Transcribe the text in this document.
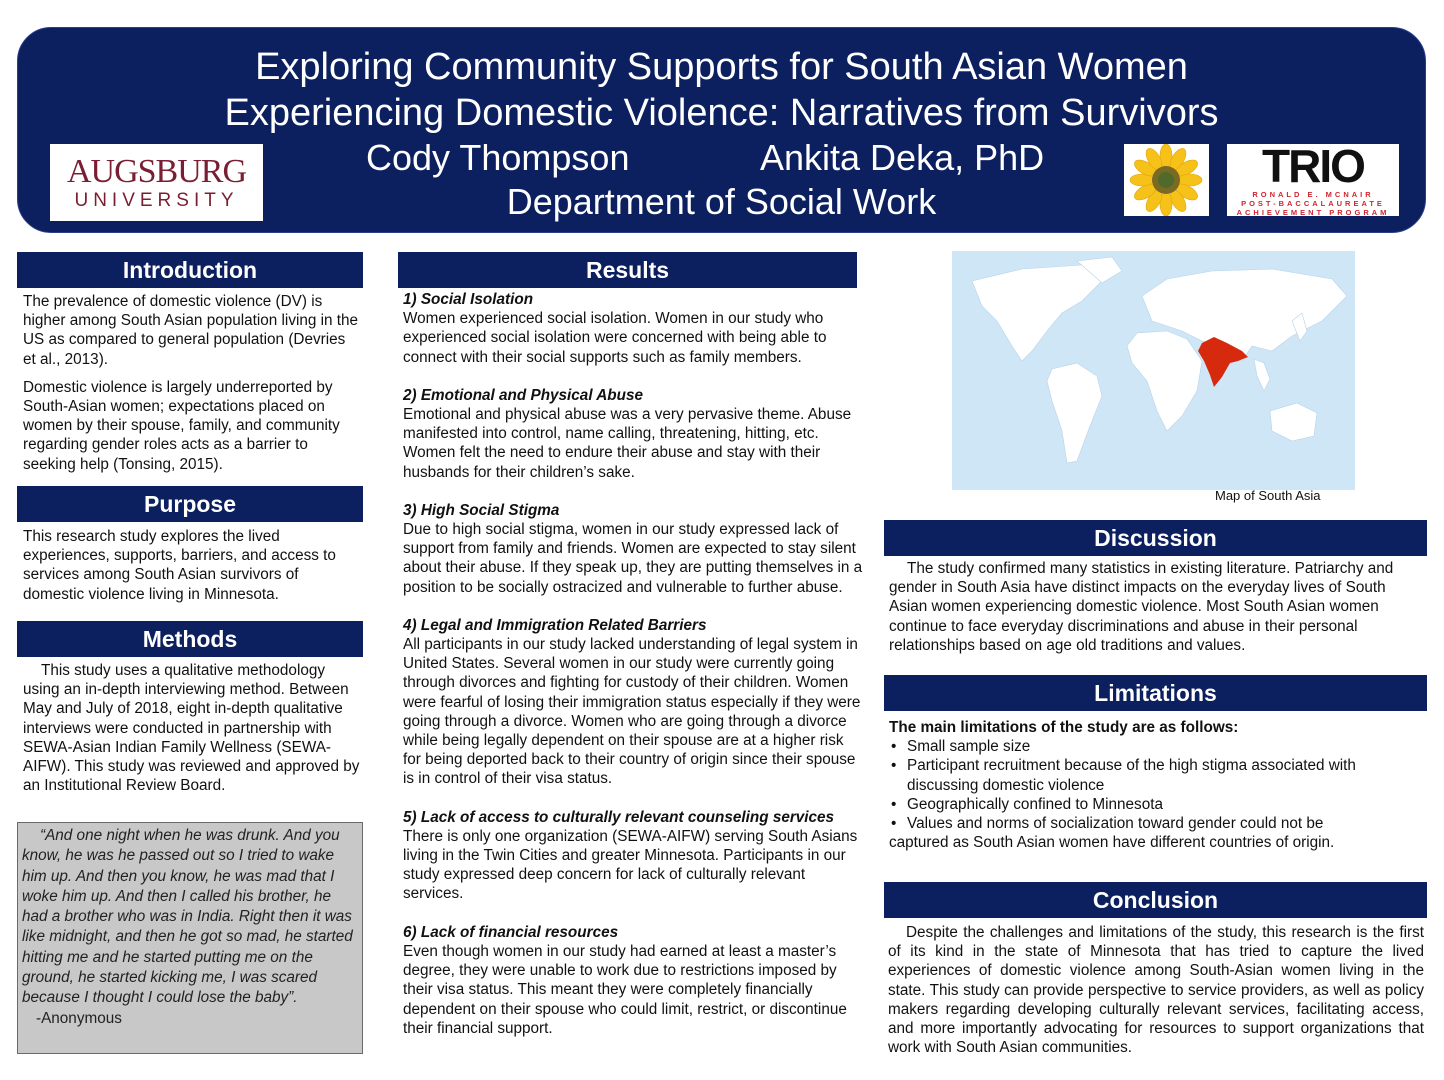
Exploring Community Supports for South Asian Women
Experiencing Domestic Violence: Narratives from Survivors
Cody Thompson	Ankita Deka, PhD
Department of Social Work
AUGSBURG
UNIVERSITY
TRIO
RONALD E. MCNAIR
POST-BACCALAUREATE
ACHIEVEMENT PROGRAM
Introduction

The prevalence of domestic violence (DV) is higher among South Asian population living in the US as compared to general population (Devries et al., 2013).

Domestic violence is largely underreported by South-Asian women; expectations placed on women by their spouse, family, and community regarding gender roles acts as a barrier to seeking help (Tonsing, 2015).

Purpose
This research study explores the lived experiences, supports, barriers, and access to services among South Asian survivors of domestic violence living in Minnesota.
Methods
This study uses a qualitative methodology using an in-depth interviewing method. Between May and July of 2018, eight in-depth qualitative interviews were conducted in partnership with SEWA-Asian Indian Family Wellness (SEWA-AIFW). This study was reviewed and approved by an Institutional Review Board.
“And one night when he was drunk. And you know, he was he passed out so I tried to wake him up. And then you know, he was mad that I woke him up. And then I called his brother, he had a brother who was in India. Right then it was like midnight, and then he got so mad, he started hitting me and he started putting me on the ground, he started kicking me, I was scared because I thought I could lose the baby”.
-Anonymous
Results
1) Social Isolation
Women experienced social isolation. Women in our study who experienced social isolation were concerned with being able to connect with their social supports such as family members.
2) Emotional and Physical Abuse
Emotional and physical abuse was a very pervasive theme. Abuse manifested into control, name calling, threatening, hitting, etc. Women felt the need to endure their abuse and stay with their husbands for their children’s sake.
3) High Social Stigma
Due to high social stigma, women in our study expressed lack of support from family and friends. Women are expected to stay silent about their abuse. If they speak up, they are putting themselves in a position to be socially ostracized and vulnerable to further abuse.
4) Legal and Immigration Related Barriers
All participants in our study lacked understanding of legal system in United States. Several women in our study were currently going through divorces and fighting for custody of their children. Women were fearful of losing their immigration status especially if they were going through a divorce. Women who are going through a divorce while being legally dependent on their spouse are at a higher risk for being deported back to their country of origin since their spouse is in control of their visa status.
5) Lack of access to culturally relevant counseling services
There is only one organization (SEWA-AIFW) serving South Asians living in the Twin Cities and greater Minnesota. Participants in our study expressed deep concern for lack of culturally relevant services.
6) Lack of financial resources
Even though women in our study had earned at least a master’s degree, they were unable to work due to restrictions imposed by their visa status. This meant they were completely financially dependent on their spouse who could limit, restrict, or discontinue their financial support.
Map of South Asia
Discussion
The study confirmed many statistics in existing literature. Patriarchy and gender in South Asia have distinct impacts on the everyday lives of South Asian women experiencing domestic violence. Most South Asian women continue to face everyday discriminations and abuse in their personal relationships based on age old traditions and values.
Limitations
The main limitations of the study are as follows:
• Small sample size
• Participant recruitment because of the high stigma associated with discussing domestic violence
• Geographically confined to Minnesota
• Values and norms of socialization toward gender could not be
captured as South Asian women have different countries of origin.
Conclusion
Despite the challenges and limitations of the study, this research is the first of its kind in the state of Minnesota that has tried to capture the lived experiences of domestic violence among South-Asian women living in the state. This study can provide perspective to service providers, as well as policy makers regarding developing culturally relevant services, facilitating access, and more importantly advocating for resources to support organizations that work with South Asian communities.
